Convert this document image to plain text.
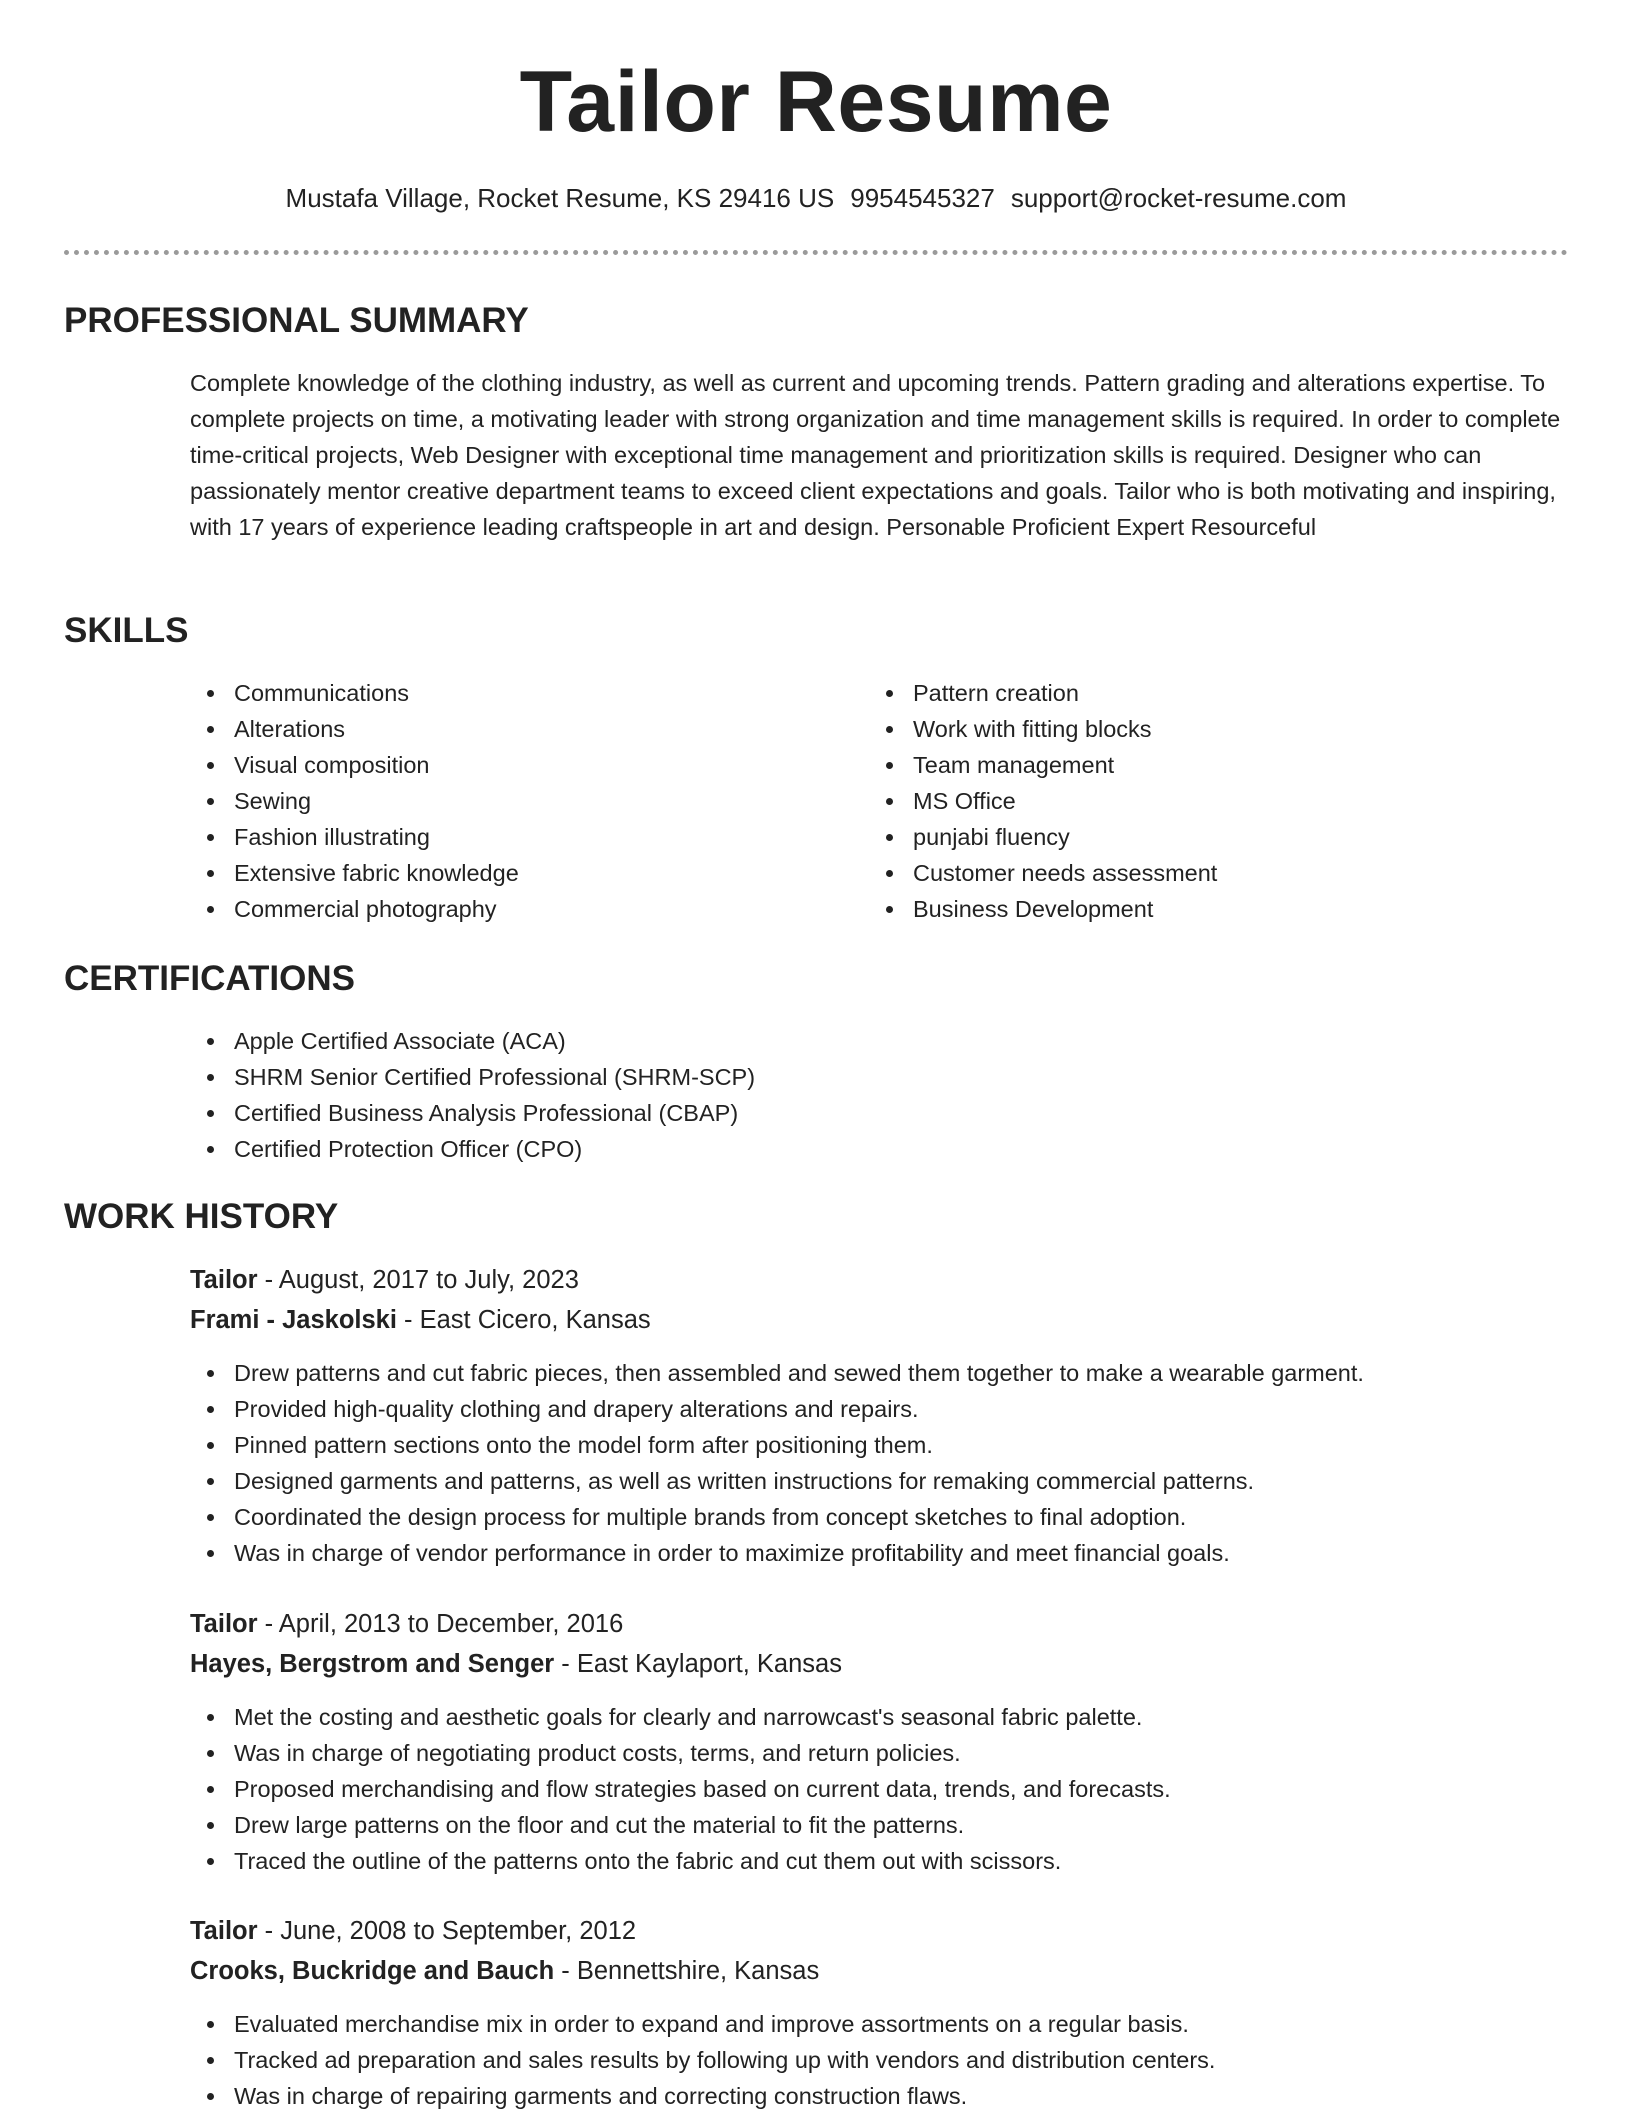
Tailor Resume
Mustafa Village, Rocket Resume, KS 29416 US 9954545327 support@rocket-resume.com
PROFESSIONAL SUMMARY
Complete knowledge of the clothing industry, as well as current and upcoming trends. Pattern grading and alterations expertise. To complete projects on time, a motivating leader with strong organization and time management skills is required. In order to complete time-critical projects, Web Designer with exceptional time management and prioritization skills is required. Designer who can passionately mentor creative department teams to exceed client expectations and goals. Tailor who is both motivating and inspiring, with 17 years of experience leading craftspeople in art and design. Personable Proficient Expert Resourceful
SKILLS
Communications
Alterations
Visual composition
Sewing
Fashion illustrating
Extensive fabric knowledge
Commercial photography
Pattern creation
Work with fitting blocks
Team management
MS Office
punjabi fluency
Customer needs assessment
Business Development
CERTIFICATIONS
Apple Certified Associate (ACA)
SHRM Senior Certified Professional (SHRM-SCP)
Certified Business Analysis Professional (CBAP)
Certified Protection Officer (CPO)
WORK HISTORY
Tailor - August, 2017 to July, 2023
Frami - Jaskolski - East Cicero, Kansas
Drew patterns and cut fabric pieces, then assembled and sewed them together to make a wearable garment.
Provided high-quality clothing and drapery alterations and repairs.
Pinned pattern sections onto the model form after positioning them.
Designed garments and patterns, as well as written instructions for remaking commercial patterns.
Coordinated the design process for multiple brands from concept sketches to final adoption.
Was in charge of vendor performance in order to maximize profitability and meet financial goals.
Tailor - April, 2013 to December, 2016
Hayes, Bergstrom and Senger - East Kaylaport, Kansas
Met the costing and aesthetic goals for clearly and narrowcast's seasonal fabric palette.
Was in charge of negotiating product costs, terms, and return policies.
Proposed merchandising and flow strategies based on current data, trends, and forecasts.
Drew large patterns on the floor and cut the material to fit the patterns.
Traced the outline of the patterns onto the fabric and cut them out with scissors.
Tailor - June, 2008 to September, 2012
Crooks, Buckridge and Bauch - Bennettshire, Kansas
Evaluated merchandise mix in order to expand and improve assortments on a regular basis.
Tracked ad preparation and sales results by following up with vendors and distribution centers.
Was in charge of repairing garments and correcting construction flaws.
